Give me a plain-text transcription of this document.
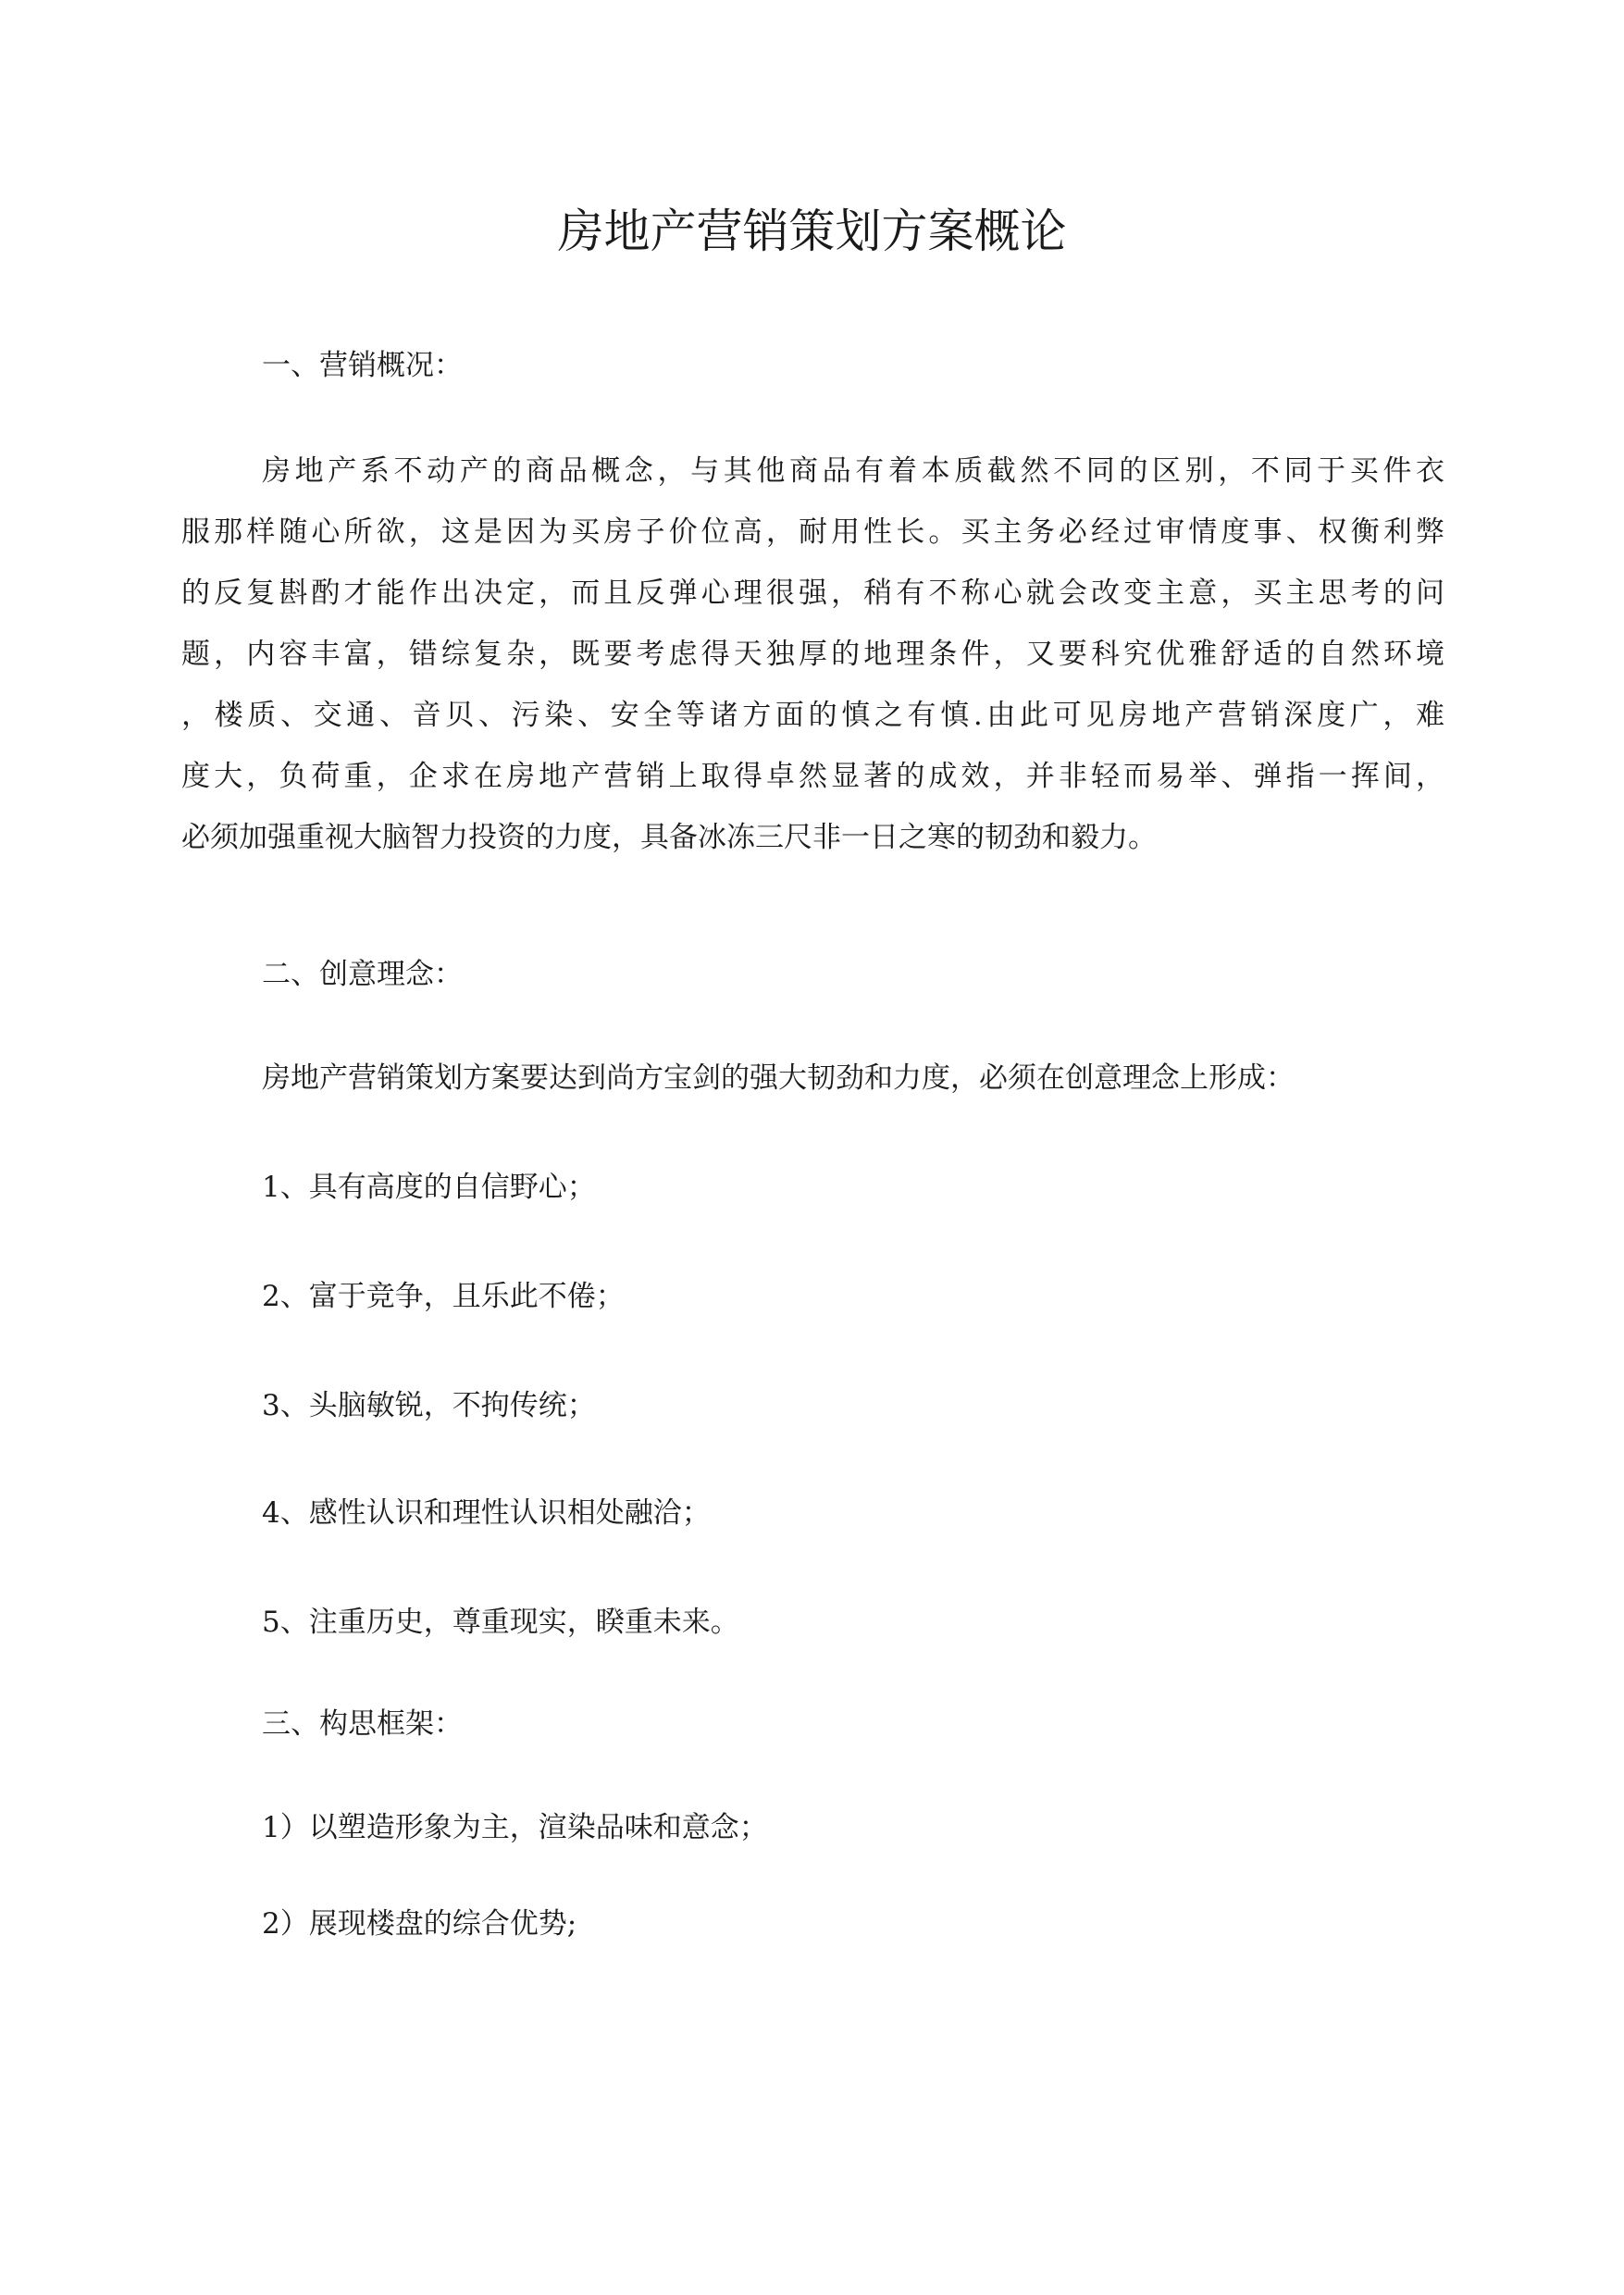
房地产营销策划方案概论
一、营销概况：
房地产系不动产的商品概念，与其他商品有着本质截然不同的区别，不同于买件衣
服那样随心所欲，这是因为买房子价位高，耐用性长。买主务必经过审情度事、权衡利弊
的反复斟酌才能作出决定，而且反弹心理很强，稍有不称心就会改变主意，买主思考的问
题，内容丰富，错综复杂，既要考虑得天独厚的地理条件，又要科究优雅舒适的自然环境
，楼质、交通、音贝、污染、安全等诸方面的慎之有慎.由此可见房地产营销深度广，难
度大，负荷重，企求在房地产营销上取得卓然显著的成效，并非轻而易举、弹指一挥间，
必须加强重视大脑智力投资的力度，具备冰冻三尺非一日之寒的韧劲和毅力。
二、创意理念：
房地产营销策划方案要达到尚方宝剑的强大韧劲和力度，必须在创意理念上形成：
1、具有高度的自信野心；
2、富于竞争，且乐此不倦；
3、头脑敏锐，不拘传统；
4、感性认识和理性认识相处融洽；
5、注重历史，尊重现实，睽重未来。
三、构思框架：
1）以塑造形象为主，渲染品味和意念；
2）展现楼盘的综合优势;
